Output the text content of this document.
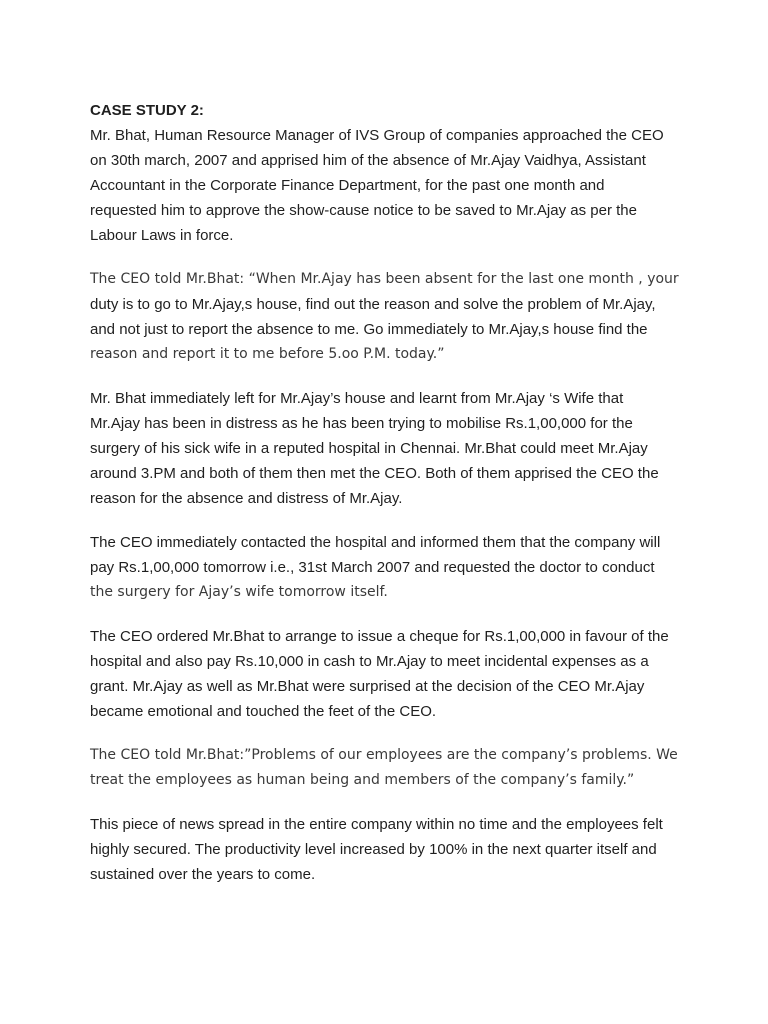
CASE STUDY 2:
Mr. Bhat, Human Resource Manager of IVS Group of companies approached the CEO
on 30th march, 2007 and apprised him of the absence of Mr.Ajay Vaidhya, Assistant
Accountant in the Corporate Finance Department, for the past one month and
requested him to approve the show-cause notice to be saved to Mr.Ajay as per the
Labour Laws in force.
The CEO told Mr.Bhat: “When Mr.Ajay has been absent for the last one month , your
duty is to go to Mr.Ajay,s house, find out the reason and solve the problem of Mr.Ajay,
and not just to report the absence to me. Go immediately to Mr.Ajay,s house find the
reason and report it to me before 5.oo P.M. today.”
Mr. Bhat immediately left for Mr.Ajay’s house and learnt from Mr.Ajay ‘s Wife that
Mr.Ajay has been in distress as he has been trying to mobilise Rs.1,00,000 for the
surgery of his sick wife in a reputed hospital in Chennai. Mr.Bhat could meet Mr.Ajay
around 3.PM and both of them then met the CEO. Both of them apprised the CEO the
reason for the absence and distress of Mr.Ajay.
The CEO immediately contacted the hospital and informed them that the company will
pay Rs.1,00,000 tomorrow i.e., 31st March 2007 and requested the doctor to conduct
the surgery for Ajay’s wife tomorrow itself.
The CEO ordered Mr.Bhat to arrange to issue a cheque for Rs.1,00,000 in favour of the
hospital and also pay Rs.10,000 in cash to Mr.Ajay to meet incidental expenses as a
grant. Mr.Ajay as well as Mr.Bhat were surprised at the decision of the CEO Mr.Ajay
became emotional and touched the feet of the CEO.
The CEO told Mr.Bhat:”Problems of our employees are the company’s problems. We
treat the employees as human being and members of the company’s family.”
This piece of news spread in the entire company within no time and the employees felt
highly secured. The productivity level increased by 100% in the next quarter itself and
sustained over the years to come.
